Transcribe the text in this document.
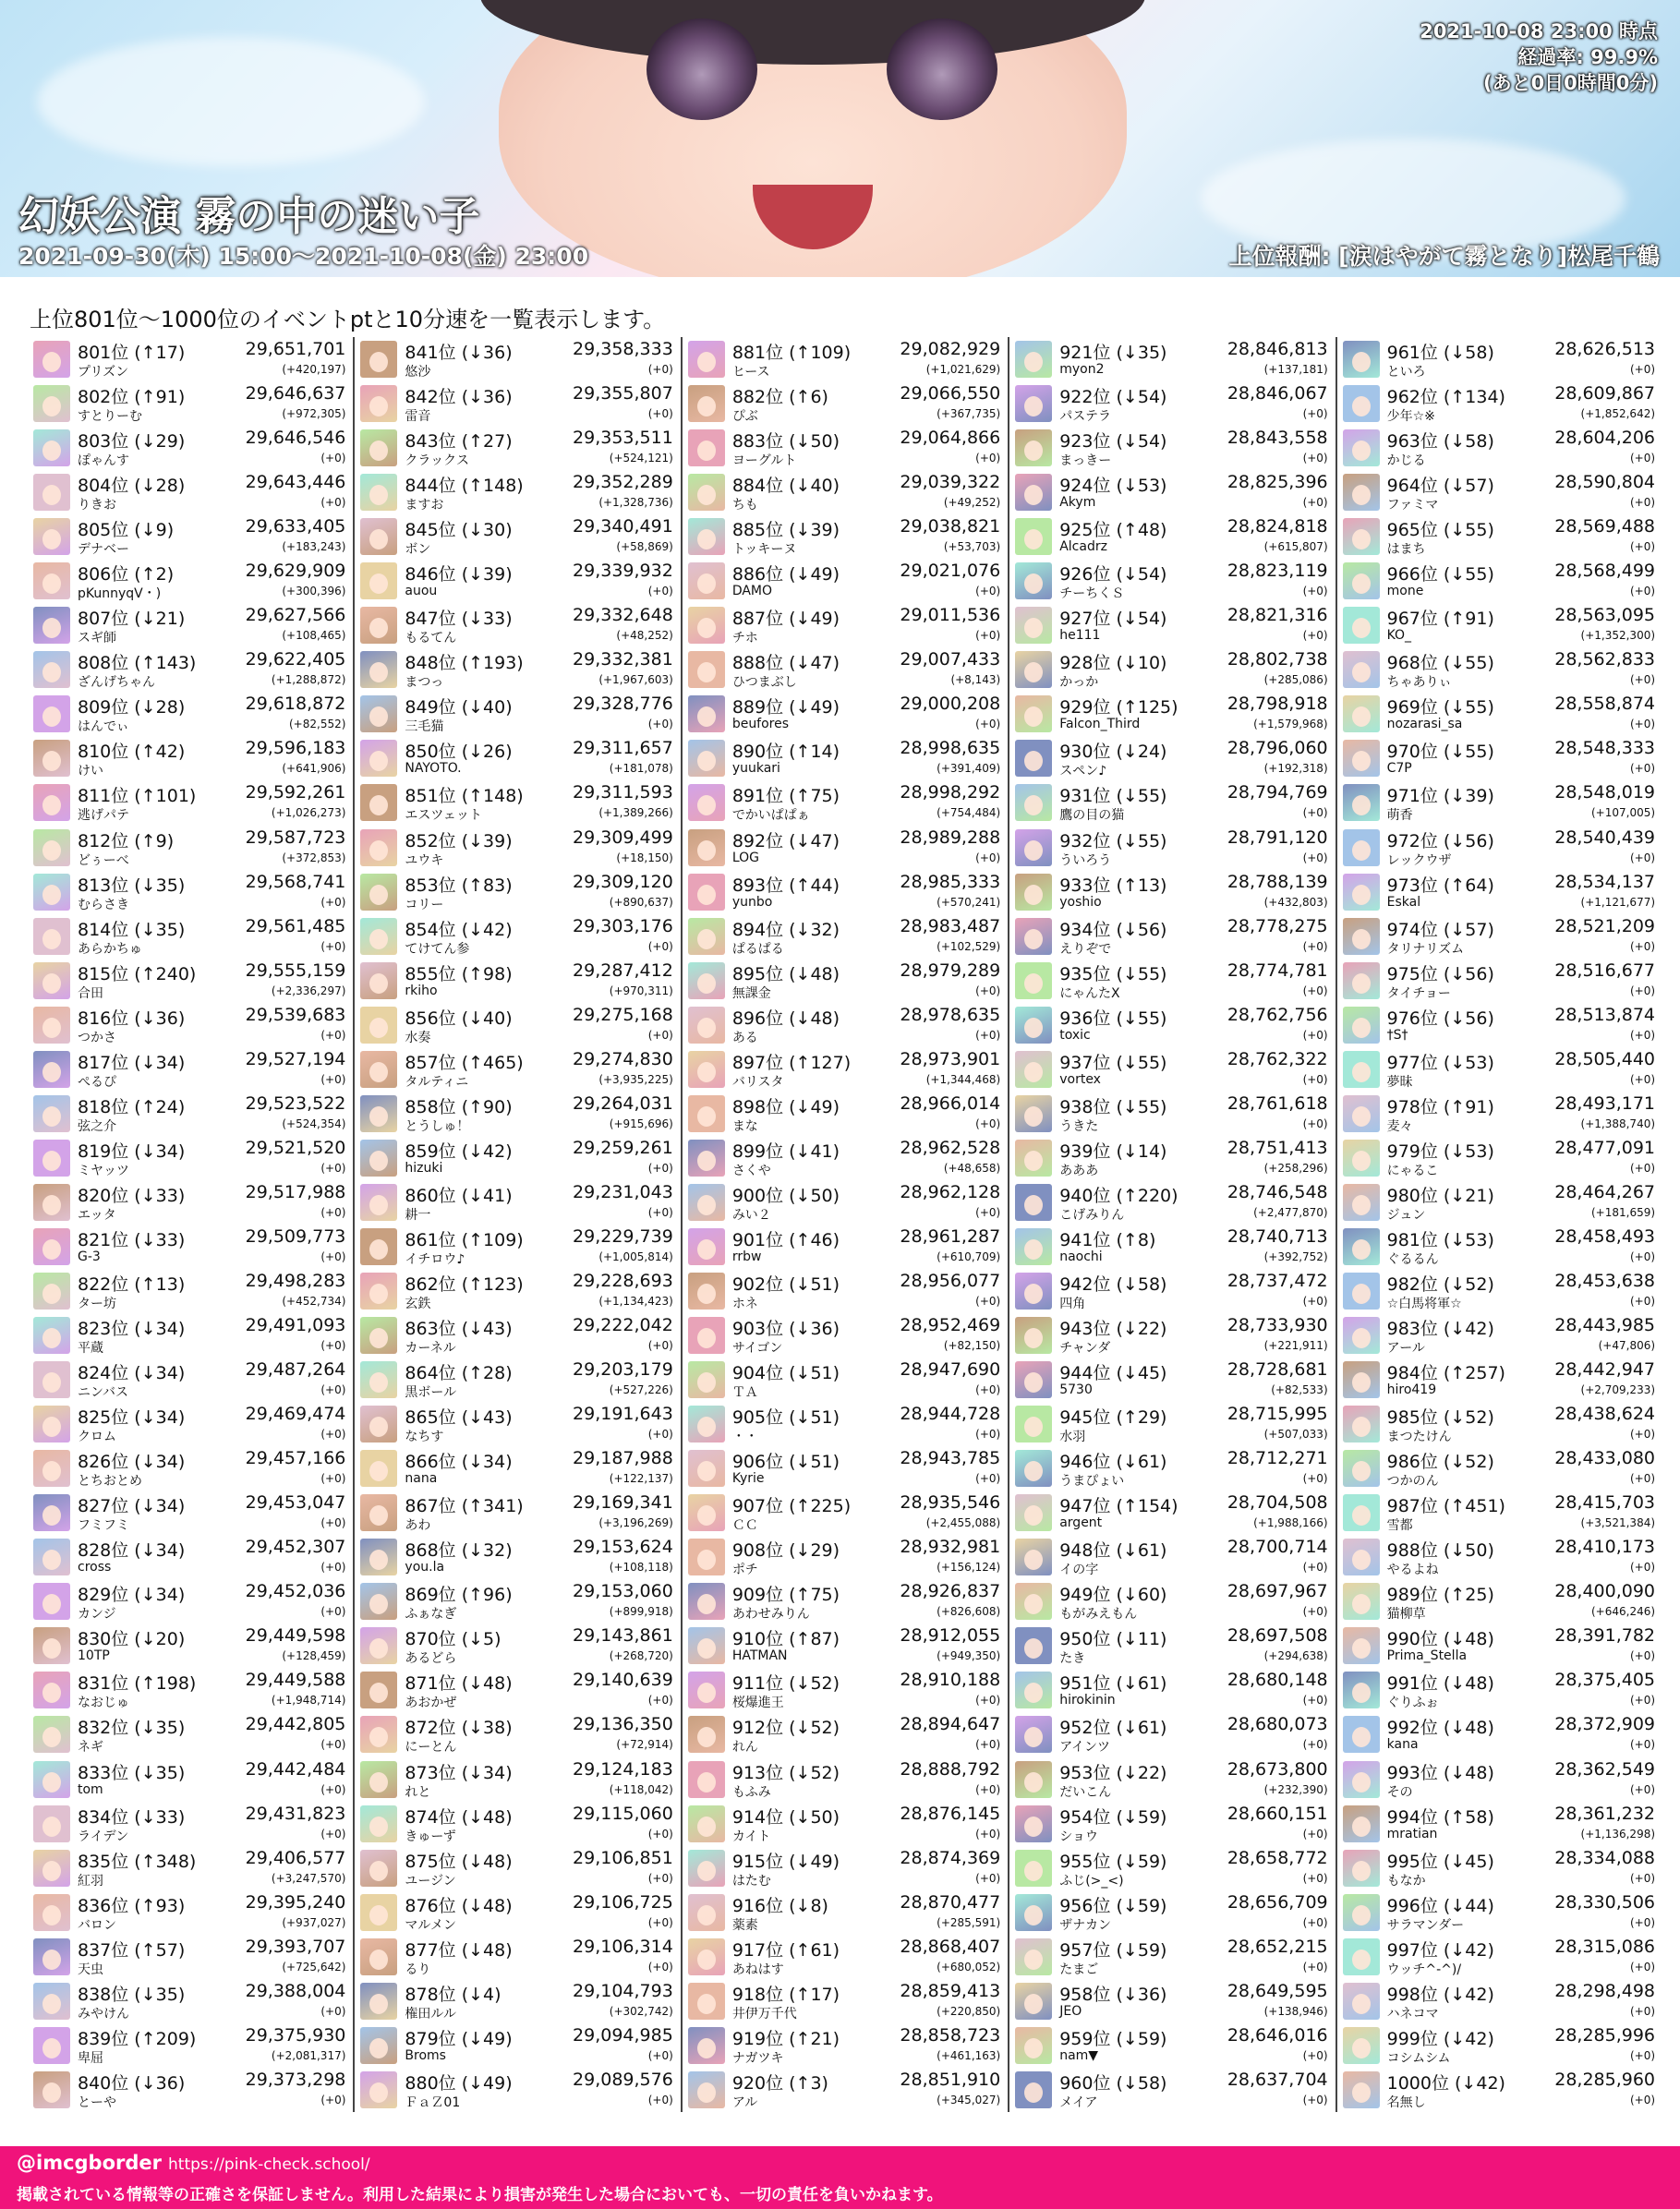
2021-10-08 23:00 時点
経過率: 99.9%
(あと0日0時間0分)
幻妖公演 霧の中の迷い子
2021-09-30(木) 15:00～2021-10-08(金) 23:00	上位報酬: [涙はやがて霧となり]松尾千鶴
上位801位～1000位のイベントptと10分速を一覧表示します。
801位 (↑17)	29,651,701
プリズン	(+420,197)
802位 (↑91)	29,646,637
すとりーむ	(+972,305)
803位 (↓29)	29,646,546
ぽゃんす	(+0)
804位 (↓28)	29,643,446
りきお	(+0)
805位 (↓9)	29,633,405
デナベー	(+183,243)
806位 (↑2)	29,629,909
pKunnyqV・)	(+300,396)
807位 (↓21)	29,627,566
スギ師	(+108,465)
808位 (↑143)	29,622,405
ざんげちゃん	(+1,288,872)
809位 (↓28)	29,618,872
はんでぃ	(+82,552)
810位 (↑42)	29,596,183
けい	(+641,906)
811位 (↑101)	29,592,261
逃げパテ	(+1,026,273)
812位 (↑9)	29,587,723
どぅーべ	(+372,853)
813位 (↓35)	29,568,741
むらさき	(+0)
814位 (↓35)	29,561,485
あらかちゅ	(+0)
815位 (↑240)	29,555,159
合田	(+2,336,297)
816位 (↓36)	29,539,683
つかさ	(+0)
817位 (↓34)	29,527,194
ぺるぴ	(+0)
818位 (↑24)	29,523,522
弦之介	(+524,354)
819位 (↓34)	29,521,520
ミヤッツ	(+0)
820位 (↓33)	29,517,988
エッタ	(+0)
821位 (↓33)	29,509,773
G-3	(+0)
822位 (↑13)	29,498,283
ター坊	(+452,734)
823位 (↓34)	29,491,093
平蔵	(+0)
824位 (↓34)	29,487,264
ニンバス	(+0)
825位 (↓34)	29,469,474
クロム	(+0)
826位 (↓34)	29,457,166
とちおとめ	(+0)
827位 (↓34)	29,453,047
フミフミ	(+0)
828位 (↓34)	29,452,307
cross	(+0)
829位 (↓34)	29,452,036
カンジ	(+0)
830位 (↓20)	29,449,598
10TP	(+128,459)
831位 (↑198)	29,449,588
なおじゅ	(+1,948,714)
832位 (↓35)	29,442,805
ネギ	(+0)
833位 (↓35)	29,442,484
tom	(+0)
834位 (↓33)	29,431,823
ライデン	(+0)
835位 (↑348)	29,406,577
紅羽	(+3,247,570)
836位 (↑93)	29,395,240
バロン	(+937,027)
837位 (↑57)	29,393,707
天虫	(+725,642)
838位 (↓35)	29,388,004
みやけん	(+0)
839位 (↑209)	29,375,930
卑屈	(+2,081,317)
840位 (↓36)	29,373,298
とーや	(+0)
841位 (↓36)	29,358,333
悠沙	(+0)
842位 (↓36)	29,355,807
雷音	(+0)
843位 (↑27)	29,353,511
クラックス	(+524,121)
844位 (↑148)	29,352,289
ますお	(+1,328,736)
845位 (↓30)	29,340,491
ボン	(+58,869)
846位 (↓39)	29,339,932
auou	(+0)
847位 (↓33)	29,332,648
もるてん	(+48,252)
848位 (↑193)	29,332,381
まつっ	(+1,967,603)
849位 (↓40)	29,328,776
三毛猫	(+0)
850位 (↓26)	29,311,657
NAYOTO.	(+181,078)
851位 (↑148)	29,311,593
エスツェット	(+1,389,266)
852位 (↓39)	29,309,499
ユウキ	(+18,150)
853位 (↑83)	29,309,120
コリー	(+890,637)
854位 (↓42)	29,303,176
てけてん参	(+0)
855位 (↑98)	29,287,412
rkiho	(+970,311)
856位 (↓40)	29,275,168
水奏	(+0)
857位 (↑465)	29,274,830
タルティニ	(+3,935,225)
858位 (↑90)	29,264,031
とうしゅ！	(+915,696)
859位 (↓42)	29,259,261
hizuki	(+0)
860位 (↓41)	29,231,043
耕一	(+0)
861位 (↑109)	29,229,739
イチロウ♪	(+1,005,814)
862位 (↑123)	29,228,693
玄鉄	(+1,134,423)
863位 (↓43)	29,222,042
カーネル	(+0)
864位 (↑28)	29,203,179
黒ボール	(+527,226)
865位 (↓43)	29,191,643
なちす	(+0)
866位 (↓34)	29,187,988
nana	(+122,137)
867位 (↑341)	29,169,341
あわ	(+3,196,269)
868位 (↓32)	29,153,624
you.la	(+108,118)
869位 (↑96)	29,153,060
ふぁなぎ	(+899,918)
870位 (↓5)	29,143,861
あるどら	(+268,720)
871位 (↓48)	29,140,639
あおかぜ	(+0)
872位 (↓38)	29,136,350
にーとん	(+72,914)
873位 (↓34)	29,124,183
れと	(+118,042)
874位 (↓48)	29,115,060
きゅーず	(+0)
875位 (↓48)	29,106,851
ユージン	(+0)
876位 (↓48)	29,106,725
マルメン	(+0)
877位 (↓48)	29,106,314
るり	(+0)
878位 (↓4)	29,104,793
権田ルル	(+302,742)
879位 (↓49)	29,094,985
Broms	(+0)
880位 (↓49)	29,089,576
ＦａＺ01	(+0)
881位 (↑109)	29,082,929
ヒース	(+1,021,629)
882位 (↑6)	29,066,550
ぴぶ	(+367,735)
883位 (↓50)	29,064,866
ヨーグルト	(+0)
884位 (↓40)	29,039,322
ちも	(+49,252)
885位 (↓39)	29,038,821
トッキーヌ	(+53,703)
886位 (↓49)	29,021,076
DAMO	(+0)
887位 (↓49)	29,011,536
チホ	(+0)
888位 (↓47)	29,007,433
ひつまぶし	(+8,143)
889位 (↓49)	29,000,208
beufores	(+0)
890位 (↑14)	28,998,635
yuukari	(+391,409)
891位 (↑75)	28,998,292
でかいぱぱぁ	(+754,484)
892位 (↓47)	28,989,288
LOG	(+0)
893位 (↑44)	28,985,333
yunbo	(+570,241)
894位 (↓32)	28,983,487
ぱるぱる	(+102,529)
895位 (↓48)	28,979,289
無課金	(+0)
896位 (↓48)	28,978,635
ある	(+0)
897位 (↑127)	28,973,901
バリスタ	(+1,344,468)
898位 (↓49)	28,966,014
まな	(+0)
899位 (↓41)	28,962,528
さくや	(+48,658)
900位 (↓50)	28,962,128
みい２	(+0)
901位 (↑46)	28,961,287
rrbw	(+610,709)
902位 (↓51)	28,956,077
ホネ	(+0)
903位 (↓36)	28,952,469
サイゴン	(+82,150)
904位 (↓51)	28,947,690
ＴＡ	(+0)
905位 (↓51)	28,944,728
・・	(+0)
906位 (↓51)	28,943,785
Kyrie	(+0)
907位 (↑225)	28,935,546
ＣＣ	(+2,455,088)
908位 (↓29)	28,932,981
ポチ	(+156,124)
909位 (↑75)	28,926,837
あわせみりん	(+826,608)
910位 (↑87)	28,912,055
HATMAN	(+949,350)
911位 (↓52)	28,910,188
桜爆進王	(+0)
912位 (↓52)	28,894,647
れん	(+0)
913位 (↓52)	28,888,792
もふみ	(+0)
914位 (↓50)	28,876,145
カイト	(+0)
915位 (↓49)	28,874,369
はたむ	(+0)
916位 (↓8)	28,870,477
薬素	(+285,591)
917位 (↑61)	28,868,407
あねはす	(+680,052)
918位 (↑17)	28,859,413
井伊万千代	(+220,850)
919位 (↑21)	28,858,723
ナガツキ	(+461,163)
920位 (↑3)	28,851,910
アル	(+345,027)
921位 (↓35)	28,846,813
myon2	(+137,181)
922位 (↓54)	28,846,067
パステラ	(+0)
923位 (↓54)	28,843,558
まっきー	(+0)
924位 (↓53)	28,825,396
Akym	(+0)
925位 (↑48)	28,824,818
Alcadrz	(+615,807)
926位 (↓54)	28,823,119
チーちくＳ	(+0)
927位 (↓54)	28,821,316
he111	(+0)
928位 (↓10)	28,802,738
かっか	(+285,086)
929位 (↑125)	28,798,918
Falcon_Third	(+1,579,968)
930位 (↓24)	28,796,060
スペン♪	(+192,318)
931位 (↓55)	28,794,769
鷹の目の猫	(+0)
932位 (↓55)	28,791,120
ういろう	(+0)
933位 (↑13)	28,788,139
yoshio	(+432,803)
934位 (↓56)	28,778,275
えりぞで	(+0)
935位 (↓55)	28,774,781
にゃんたX	(+0)
936位 (↓55)	28,762,756
toxic	(+0)
937位 (↓55)	28,762,322
vortex	(+0)
938位 (↓55)	28,761,618
うきた	(+0)
939位 (↓14)	28,751,413
あああ	(+258,296)
940位 (↑220)	28,746,548
こげみりん	(+2,477,870)
941位 (↑8)	28,740,713
naochi	(+392,752)
942位 (↓58)	28,737,472
四角	(+0)
943位 (↓22)	28,733,930
チャンダ	(+221,911)
944位 (↓45)	28,728,681
5730	(+82,533)
945位 (↑29)	28,715,995
水羽	(+507,033)
946位 (↓61)	28,712,271
うまぴょい	(+0)
947位 (↑154)	28,704,508
argent	(+1,988,166)
948位 (↓61)	28,700,714
イの字	(+0)
949位 (↓60)	28,697,967
もがみえもん	(+0)
950位 (↓11)	28,697,508
たき	(+294,638)
951位 (↓61)	28,680,148
hirokinin	(+0)
952位 (↓61)	28,680,073
アインツ	(+0)
953位 (↓22)	28,673,800
だいこん	(+232,390)
954位 (↓59)	28,660,151
ショウ	(+0)
955位 (↓59)	28,658,772
ふじ(>_<)	(+0)
956位 (↓59)	28,656,709
ザナカン	(+0)
957位 (↓59)	28,652,215
たまご	(+0)
958位 (↓36)	28,649,595
JEO	(+138,946)
959位 (↓59)	28,646,016
nam▼	(+0)
960位 (↓58)	28,637,704
メイア	(+0)
961位 (↓58)	28,626,513
といろ	(+0)
962位 (↑134)	28,609,867
少年☆※	(+1,852,642)
963位 (↓58)	28,604,206
かじる	(+0)
964位 (↓57)	28,590,804
ファミマ	(+0)
965位 (↓55)	28,569,488
はまち	(+0)
966位 (↓55)	28,568,499
mone	(+0)
967位 (↑91)	28,563,095
KO_	(+1,352,300)
968位 (↓55)	28,562,833
ちゃありぃ	(+0)
969位 (↓55)	28,558,874
nozarasi_sa	(+0)
970位 (↓55)	28,548,333
C7P	(+0)
971位 (↓39)	28,548,019
萌香	(+107,005)
972位 (↓56)	28,540,439
レックウザ	(+0)
973位 (↑64)	28,534,137
Eskal	(+1,121,677)
974位 (↓57)	28,521,209
タリナリズム	(+0)
975位 (↓56)	28,516,677
タイチョー	(+0)
976位 (↓56)	28,513,874
†S†	(+0)
977位 (↓53)	28,505,440
夢昧	(+0)
978位 (↑91)	28,493,171
麦々	(+1,388,740)
979位 (↓53)	28,477,091
にゃるこ	(+0)
980位 (↓21)	28,464,267
ジュン	(+181,659)
981位 (↓53)	28,458,493
ぐるるん	(+0)
982位 (↓52)	28,453,638
☆白馬将軍☆	(+0)
983位 (↓42)	28,443,985
アール	(+47,806)
984位 (↑257)	28,442,947
hiro419	(+2,709,233)
985位 (↓52)	28,438,624
まつたけん	(+0)
986位 (↓52)	28,433,080
つかのん	(+0)
987位 (↑451)	28,415,703
雪都	(+3,521,384)
988位 (↓50)	28,410,173
やるよね	(+0)
989位 (↑25)	28,400,090
猫柳草	(+646,246)
990位 (↓48)	28,391,782
Prima_Stella	(+0)
991位 (↓48)	28,375,405
ぐりふぉ	(+0)
992位 (↓48)	28,372,909
kana	(+0)
993位 (↓48)	28,362,549
その	(+0)
994位 (↑58)	28,361,232
mratian	(+1,136,298)
995位 (↓45)	28,334,088
もなか	(+0)
996位 (↓44)	28,330,506
サラマンダー	(+0)
997位 (↓42)	28,315,086
ウッチ^-^)/	(+0)
998位 (↓42)	28,298,498
ハネコマ	(+0)
999位 (↓42)	28,285,996
コシムシム	(+0)
1000位 (↓42)	28,285,960
名無し	(+0)
@imcgborder https://pink-check.school/
掲載されている情報等の正確さを保証しません。利用した結果により損害が発生した場合においても、一切の責任を負いかねます。
